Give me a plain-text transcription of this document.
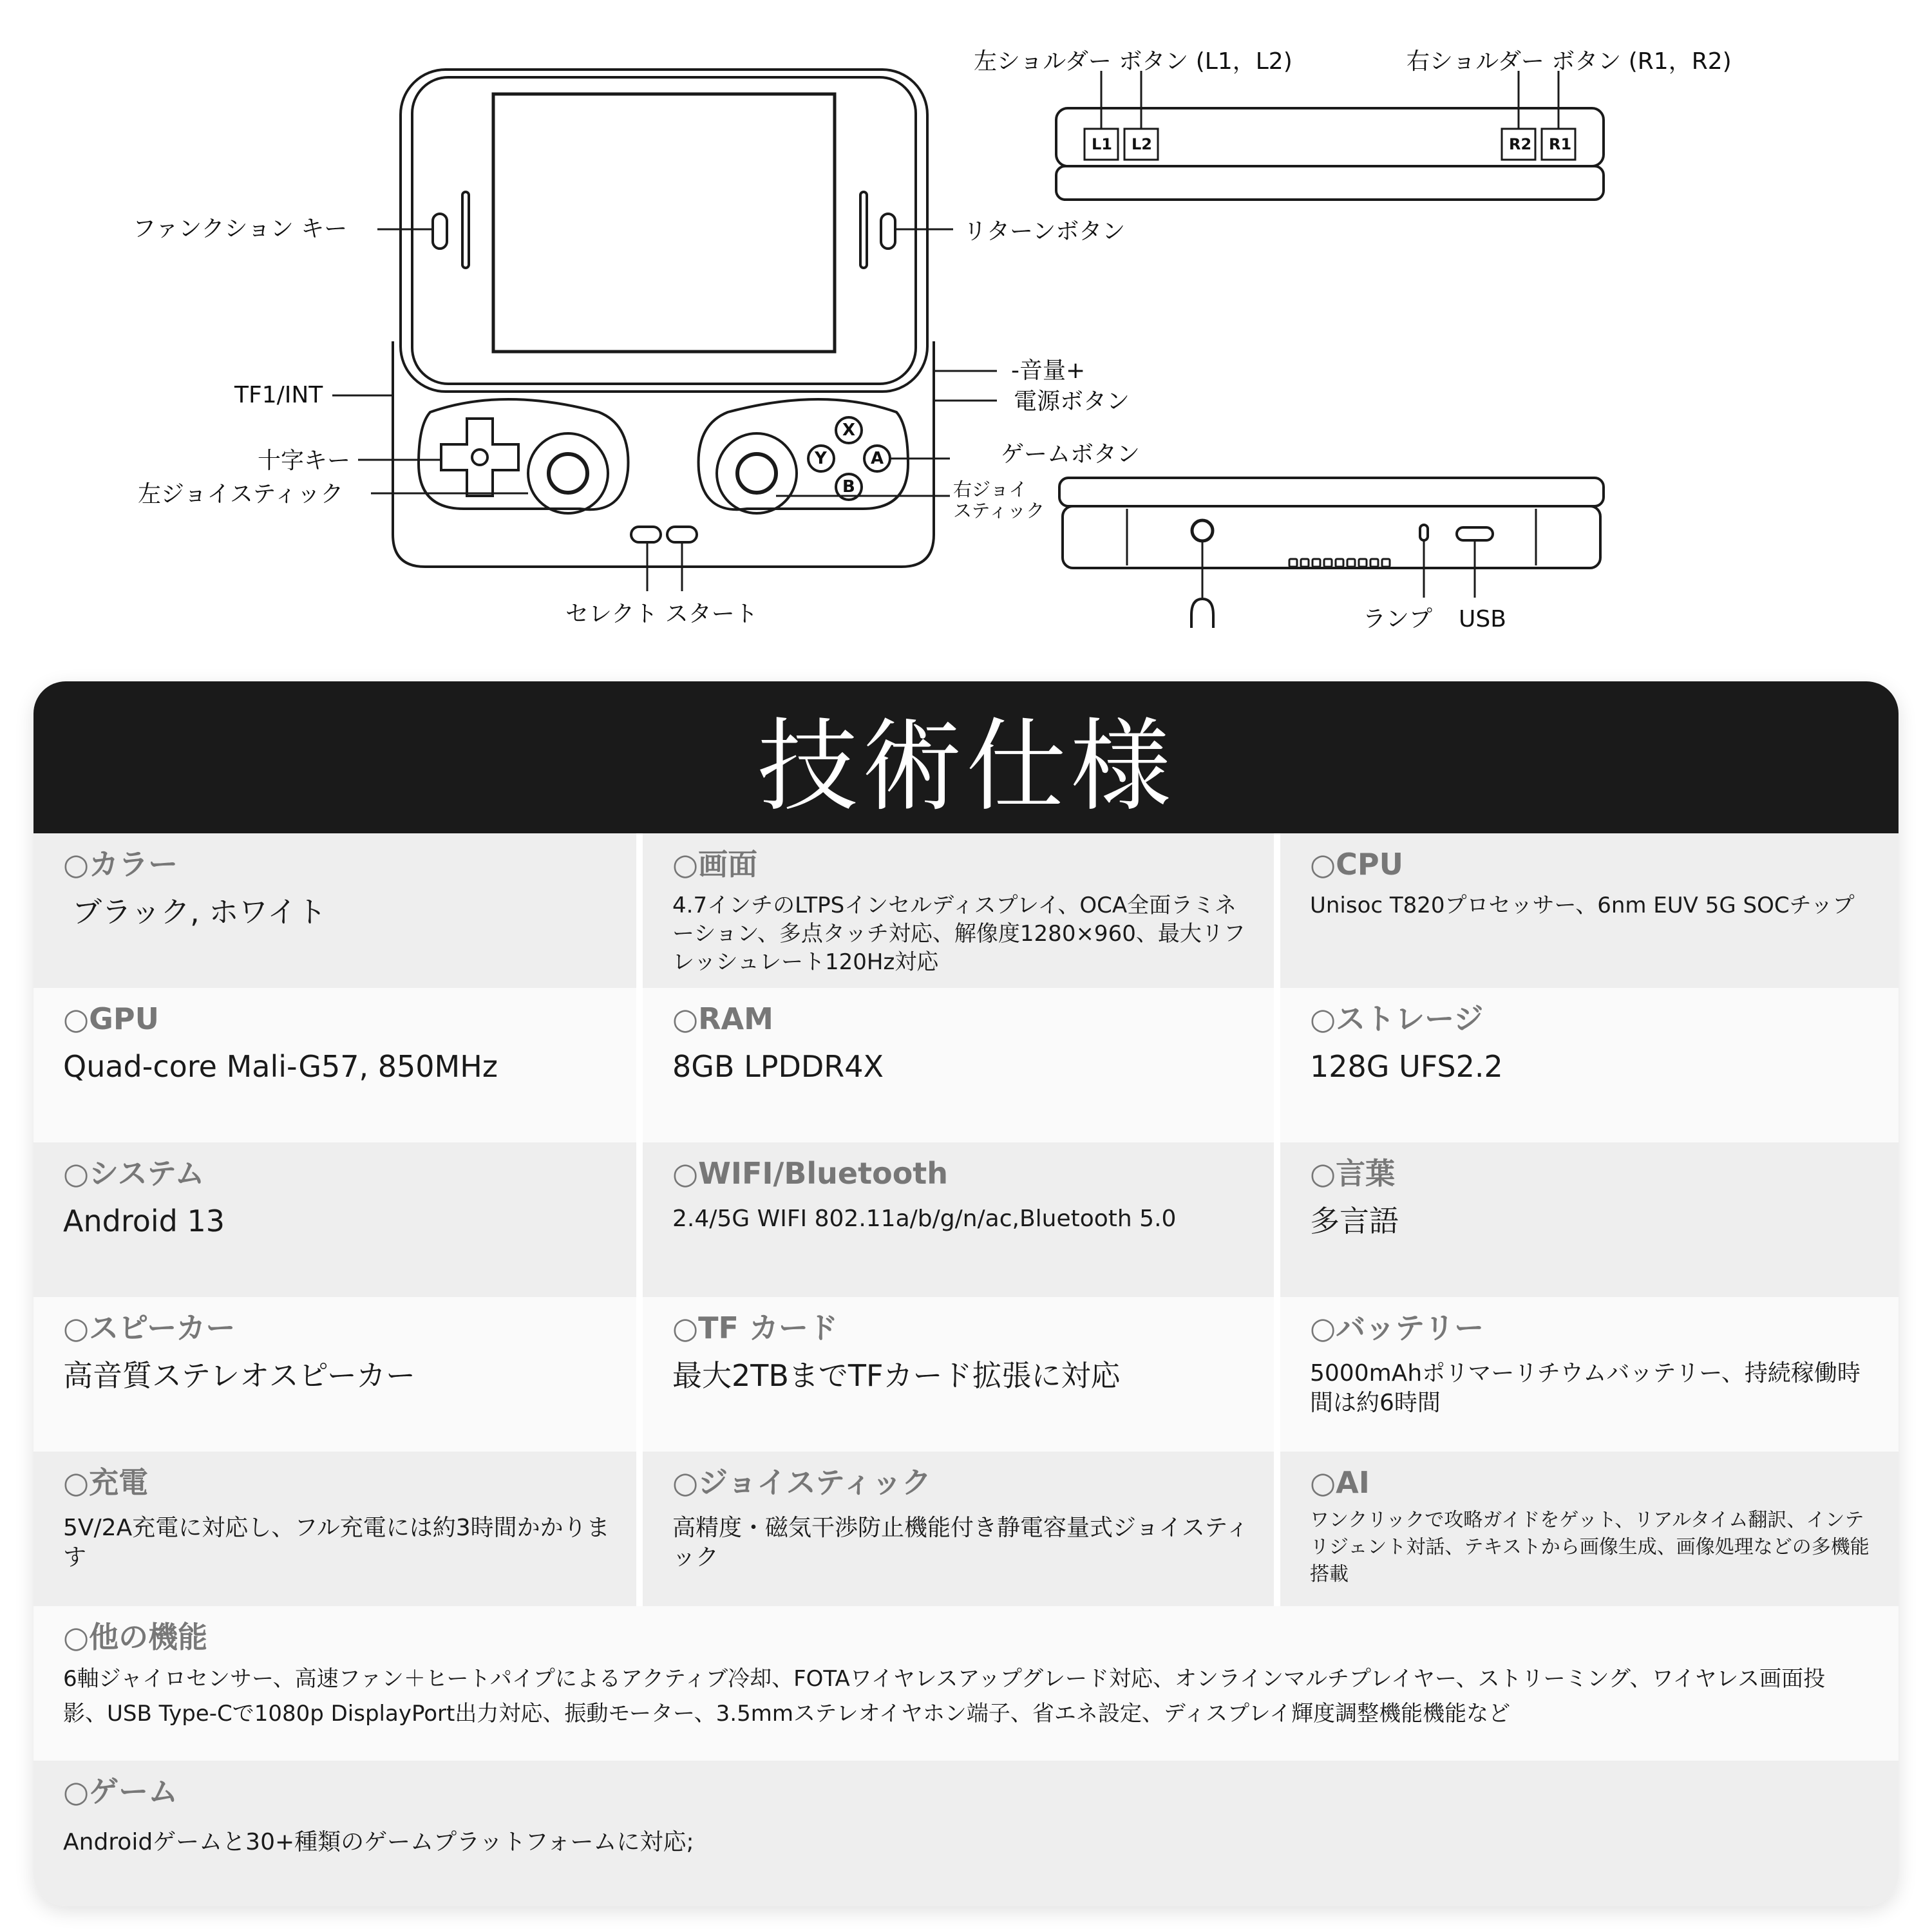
L1 L2	R2 R1
X
Y	A
B
左ショルダー ボタン (L1，L2)	右ショルダー ボタン (R1，R2)
ファンクション キー	リターンボタン
-音量+
電源ボタン
TF1/INT
十字キー
左ジョイスティック
ゲームボタン
右ジョイ
スティック
セレクト スタート	ランプ USB
技術仕様
○カラー
ブラック, ホワイト
○画面
4.7インチのLTPSインセルディスプレイ、OCA全面ラミネーション、多点タッチ対応、解像度1280×960、最大リフレッシュレート120Hz対応
○CPU
Unisoc T820プロセッサー、6nm EUV 5G SOCチップ
○GPU
Quad-core Mali-G57, 850MHz
○RAM
8GB LPDDR4X
○ストレージ
128G UFS2.2
○システム
Android 13
○WIFI/Bluetooth
2.4/5G WIFI 802.11a/b/g/n/ac,Bluetooth 5.0
○言葉
多言語
○スピーカー
高音質ステレオスピーカー
○TF カード
最大2TBまでTFカード拡張に対応
○バッテリー
5000mAhポリマーリチウムバッテリー、持続稼働時間は約6時間
○充電
5V/2A充電に対応し、フル充電には約3時間かかります
○ジョイスティック
高精度・磁気干渉防止機能付き静電容量式ジョイスティック
○AI
ワンクリックで攻略ガイドをゲット、リアルタイム翻訳、インテリジェント対話、テキストから画像生成、画像処理などの多機能搭載
○他の機能
6軸ジャイロセンサー、高速ファン＋ヒートパイプによるアクティブ冷却、FOTAワイヤレスアップグレード対応、オンラインマルチプレイヤー、ストリーミング、ワイヤレス画面投影、USB Type-Cで1080p DisplayPort出力対応、振動モーター、3.5mmステレオイヤホン端子、省エネ設定、ディスプレイ輝度調整機能機能など
○ゲーム
Androidゲームと30+種類のゲームプラットフォームに対応;
